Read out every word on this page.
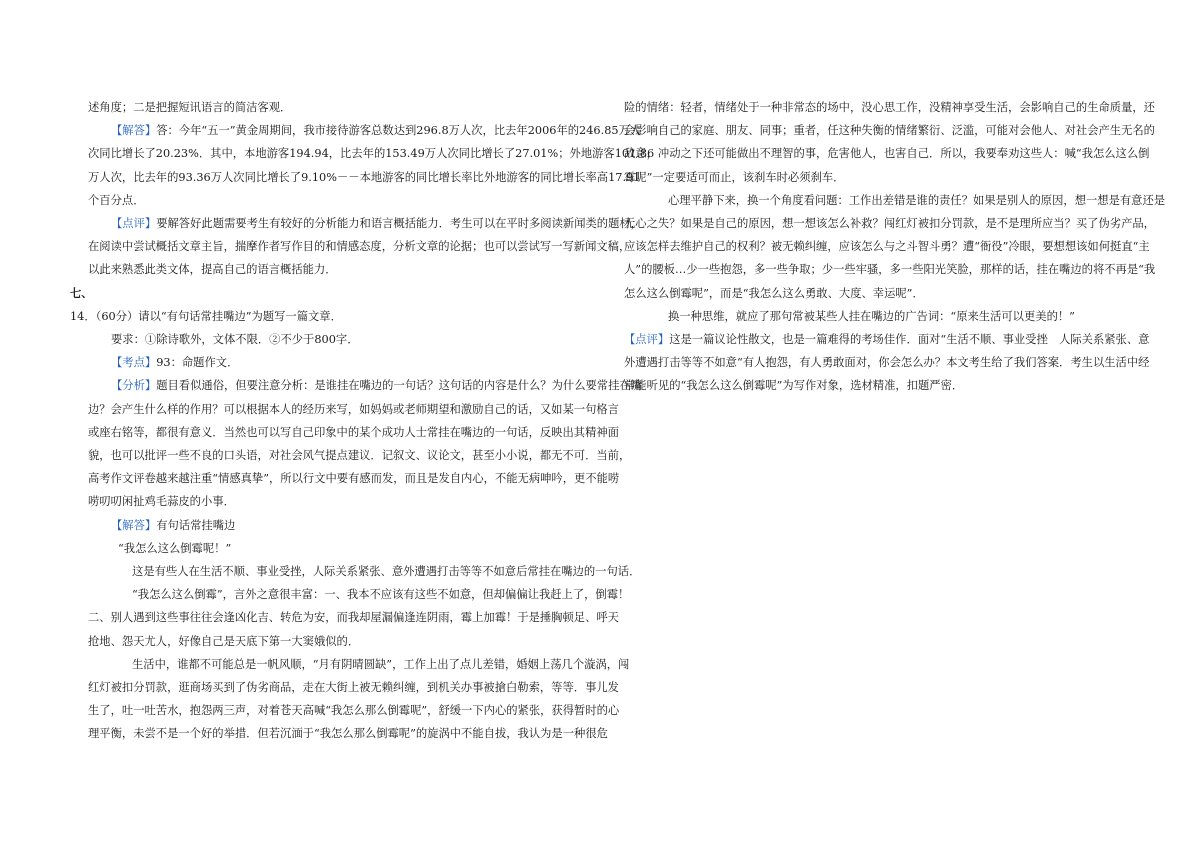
述角度；二是把握短讯语言的简洁客观．

【解答】答：今年“五一”黄金周期间，我市接待游客总数达到296.8万人次，比去年2006年的246.85万人

次同比增长了20.23%．其中，本地游客194.94，比去年的153.49万人次同比增长了27.01%；外地游客101.86

万人次，比去年的93.36万人次同比增长了9.10%－－本地游客的同比增长率比外地游客的同比增长率高17.91

个百分点．

【点评】要解答好此题需要考生有较好的分析能力和语言概括能力．考生可以在平时多阅读新闻类的题材，

在阅读中尝试概括文章主旨，揣摩作者写作目的和情感态度，分析文章的论据；也可以尝试写一写新闻文稿，

以此来熟悉此类文体，提高自己的语言概括能力．

七、

14．（60分）请以“有句话常挂嘴边”为题写一篇文章．

要求：①除诗歌外，文体不限．②不少于800字．

【考点】93：命题作文．

【分析】题目看似通俗，但要注意分析：是谁挂在嘴边的一句话？这句话的内容是什么？为什么要常挂在嘴

边？会产生什么样的作用？可以根据本人的经历来写，如妈妈或老师期望和激励自己的话，又如某一句格言

或座右铭等，都很有意义．当然也可以写自己印象中的某个成功人士常挂在嘴边的一句话，反映出其精神面

貌，也可以批评一些不良的口头语，对社会风气提点建议．记叙文、议论文，甚至小小说，都无不可．当前，

高考作文评卷越来越注重“情感真挚”，所以行文中要有感而发，而且是发自内心，不能无病呻吟，更不能唠

唠叨叨闲扯鸡毛蒜皮的小事．

【解答】有句话常挂嘴边

“我怎么这么倒霉呢！”

这是有些人在生活不顺、事业受挫，人际关系紧张、意外遭遇打击等等不如意后常挂在嘴边的一句话．

“我怎么这么倒霉”，言外之意很丰富：一、我本不应该有这些不如意，但却偏偏让我赶上了，倒霉！

二、别人遇到这些事往往会逢凶化吉、转危为安，而我却屋漏偏逢连阴雨，霉上加霉！于是捶胸顿足、呼天

抢地、怨天尤人，好像自己是天底下第一大窦娥似的．

生活中，谁都不可能总是一帆风顺，“月有阴晴圆缺”，工作上出了点儿差错，婚姻上荡几个漩涡，闯

红灯被扣分罚款，逛商场买到了伪劣商品，走在大街上被无赖纠缠，到机关办事被搶白勒索，等等．事儿发

生了，吐一吐苦水，抱怨两三声，对着苍天高喊“我怎么那么倒霉呢”，舒缓一下内心的紧张，获得暂时的心

理平衡，未尝不是一个好的举措．但若沉湎于“我怎么那么倒霉呢”的旋涡中不能自拔，我认为是一种很危

险的情绪：轻者，情绪处于一种非常态的场中，没心思工作，没精神享受生活，会影响自己的生命质量，还

会影响自己的家庭、朋友、同事；重者，任这种失衡的情绪繁衍、泛滥，可能对会他人、对社会产生无名的

敌意，冲动之下还可能做出不理智的事，危害他人，也害自己．所以，我要奉劝这些人：喊“我怎么这么倒

霉呢”一定要适可而止，该刹车时必须刹车．

心理平静下来，换一个角度看问题：工作出差错是谁的责任？如果是别人的原因，想一想是有意还是

无心之失？如果是自己的原因，想一想该怎么补救？闯红灯被扣分罚款，是不是理所应当？买了伪劣产品，

应该怎样去维护自己的权利？被无赖纠缠，应该怎么与之斗智斗勇？遭“衙役”冷眼，要想想该如何挺直“主

人”的腰板…少一些抱怨，多一些争取；少一些牢骚，多一些阳光笑脸，那样的话，挂在嘴边的将不再是“我

怎么这么倒霉呢”，而是“我怎么这么勇敢、大度、幸运呢”．

换一种思维，就应了那句常被某些人挂在嘴边的广告词：“原来生活可以更美的！”

【点评】这是一篇议论性散文，也是一篇难得的考场佳作．面对“生活不顺、事业受挫　人际关系紧张、意

外遭遇打击等等不如意“有人抱怨，有人勇敢面对，你会怎么办？本文考生给了我们答案．考生以生活中经

常能听见的“我怎么这么倒霉呢”为写作对象，选材精准，扣题严密．
